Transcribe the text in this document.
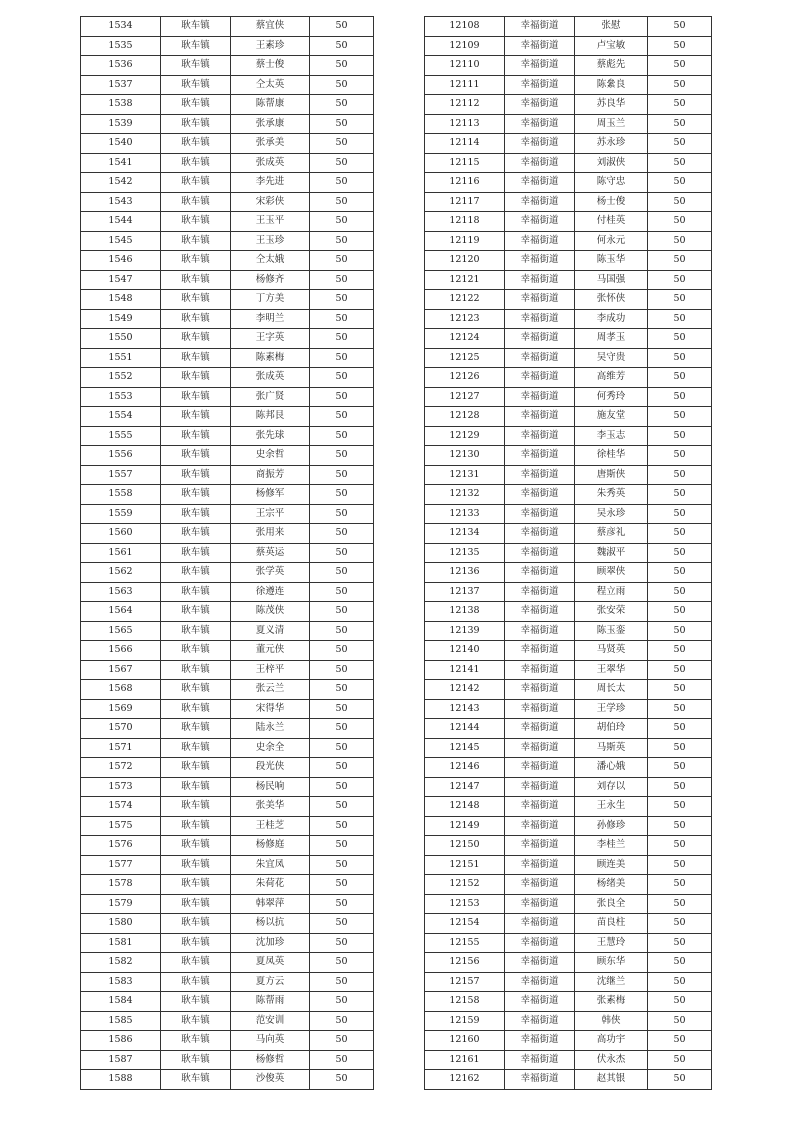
1534	耿车镇	蔡宜侠	50
1535	耿车镇	王素珍	50
1536	耿车镇	蔡士俊	50
1537	耿车镇	仝太英	50
1538	耿车镇	陈帮康	50
1539	耿车镇	张承康	50
1540	耿车镇	张承美	50
1541	耿车镇	张成英	50
1542	耿车镇	李先进	50
1543	耿车镇	宋彩侠	50
1544	耿车镇	王玉平	50
1545	耿车镇	王玉珍	50
1546	耿车镇	仝太娥	50
1547	耿车镇	杨修齐	50
1548	耿车镇	丁方美	50
1549	耿车镇	李明兰	50
1550	耿车镇	王字英	50
1551	耿车镇	陈素梅	50
1552	耿车镇	张成英	50
1553	耿车镇	张广贤	50
1554	耿车镇	陈邦艮	50
1555	耿车镇	张先球	50
1556	耿车镇	史余哲	50
1557	耿车镇	商振芳	50
1558	耿车镇	杨修军	50
1559	耿车镇	王宗平	50
1560	耿车镇	张用来	50
1561	耿车镇	蔡英运	50
1562	耿车镇	张学英	50
1563	耿车镇	徐遵连	50
1564	耿车镇	陈茂侠	50
1565	耿车镇	夏义清	50
1566	耿车镇	董元侠	50
1567	耿车镇	王梓平	50
1568	耿车镇	张云兰	50
1569	耿车镇	宋得华	50
1570	耿车镇	陆永兰	50
1571	耿车镇	史余全	50
1572	耿车镇	段光侠	50
1573	耿车镇	杨民响	50
1574	耿车镇	张美华	50
1575	耿车镇	王桂芝	50
1576	耿车镇	杨修庭	50
1577	耿车镇	朱宜凤	50
1578	耿车镇	朱荷花	50
1579	耿车镇	韩翠萍	50
1580	耿车镇	杨以抗	50
1581	耿车镇	沈加珍	50
1582	耿车镇	夏凤英	50
1583	耿车镇	夏方云	50
1584	耿车镇	陈帮雨	50
1585	耿车镇	范安训	50
1586	耿车镇	马向英	50
1587	耿车镇	杨修哲	50
1588	耿车镇	沙俊英	50
12108	幸福街道	张慰	50
12109	幸福街道	卢宝敏	50
12110	幸福街道	蔡彪先	50
12111	幸福街道	陈絫良	50
12112	幸福街道	苏良华	50
12113	幸福街道	周玉兰	50
12114	幸福街道	苏永珍	50
12115	幸福街道	刘淑侠	50
12116	幸福街道	陈守忠	50
12117	幸福街道	杨士俊	50
12118	幸福街道	付桂英	50
12119	幸福街道	何永元	50
12120	幸福街道	陈玉华	50
12121	幸福街道	马国强	50
12122	幸福街道	张怀侠	50
12123	幸福街道	李成功	50
12124	幸福街道	周孝玉	50
12125	幸福街道	吴守贵	50
12126	幸福街道	高维芳	50
12127	幸福街道	何秀玲	50
12128	幸福街道	施友堂	50
12129	幸福街道	李玉志	50
12130	幸福街道	徐桂华	50
12131	幸福街道	唐斯侠	50
12132	幸福街道	朱秀英	50
12133	幸福街道	吴永珍	50
12134	幸福街道	蔡彦礼	50
12135	幸福街道	魏淑平	50
12136	幸福街道	顾翠侠	50
12137	幸福街道	程立雨	50
12138	幸福街道	张安荣	50
12139	幸福街道	陈玉銮	50
12140	幸福街道	马贤英	50
12141	幸福街道	王翠华	50
12142	幸福街道	周长太	50
12143	幸福街道	王学珍	50
12144	幸福街道	胡伯玲	50
12145	幸福街道	马斯英	50
12146	幸福街道	潘心娥	50
12147	幸福街道	刘存以	50
12148	幸福街道	王永生	50
12149	幸福街道	孙修珍	50
12150	幸福街道	李桂兰	50
12151	幸福街道	顾连美	50
12152	幸福街道	杨绪美	50
12153	幸福街道	张良全	50
12154	幸福街道	苗良柱	50
12155	幸福街道	王慧玲	50
12156	幸福街道	顾东华	50
12157	幸福街道	沈继兰	50
12158	幸福街道	张素梅	50
12159	幸福街道	韩侠	50
12160	幸福街道	高功宇	50
12161	幸福街道	伏永杰	50
12162	幸福街道	赵其银	50
